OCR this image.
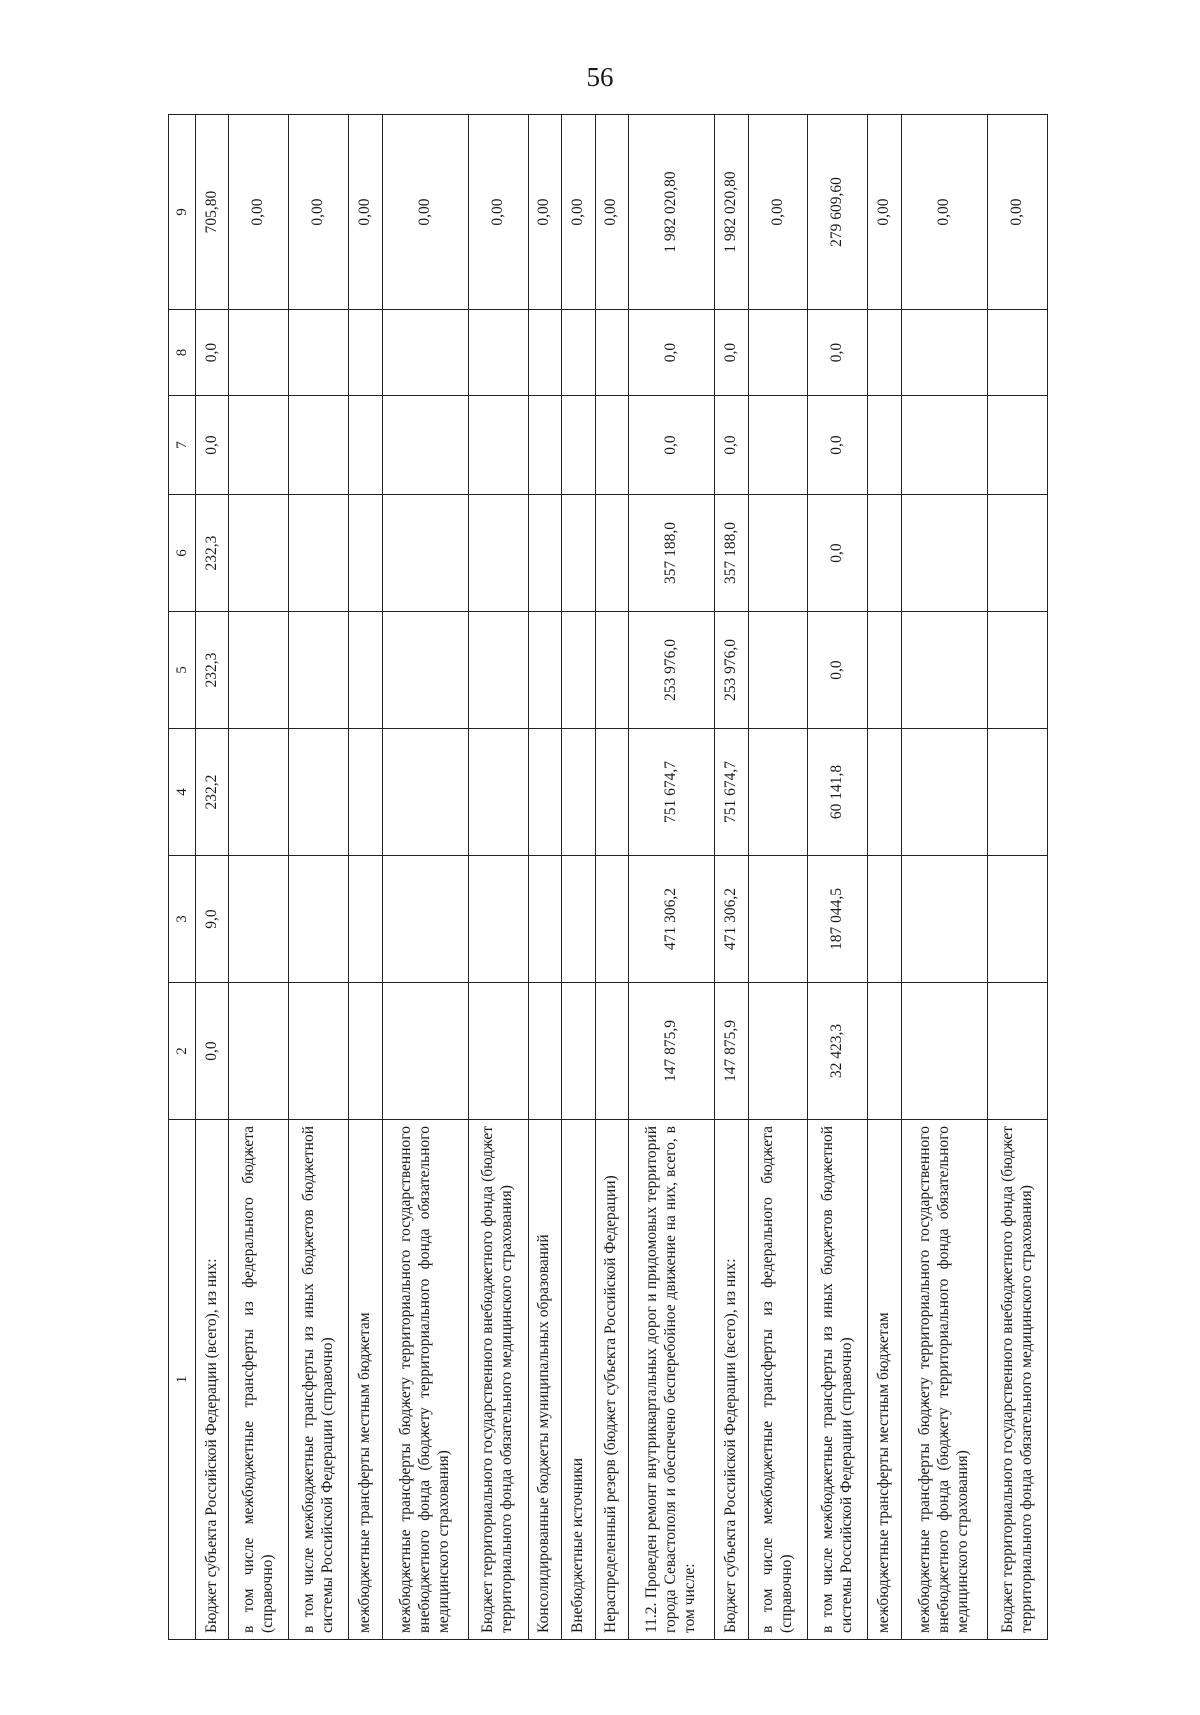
56
1	2	3	4	5	6	7	8	9
Бюджет субъекта Российской Федерации (всего), из них:	0,0	9,0	232,2	232,3	232,3	0,0	0,0	705,80
в том числе межбюджетные трансферты из федерального бюджета (справочно)								0,00
в том числе межбюджетные трансферты из иных бюджетов бюджетной системы Российской Федерации (справочно)								0,00
межбюджетные трансферты местным бюджетам								0,00
межбюджетные трансферты бюджету территориального государственного внебюджетного фонда (бюджету территориального фонда обязательного медицинского страхования)								0,00
Бюджет территориального государственного внебюджетного фонда (бюджет территориального фонда обязательного медицинского страхования)								0,00
Консолидированные бюджеты муниципальных образований								0,00
Внебюджетные источники								0,00
Нераспределенный резерв (бюджет субъекта Российской Федерации)								0,00
11.2. Проведен ремонт внутриквартальных дорог и придомовых территорий города Севастополя и обеспечено бесперебойное движение на них, всего, в том числе:	147 875,9	471 306,2	751 674,7	253 976,0	357 188,0	0,0	0,0	1 982 020,80
Бюджет субъекта Российской Федерации (всего), из них:	147 875,9	471 306,2	751 674,7	253 976,0	357 188,0	0,0	0,0	1 982 020,80
в том числе межбюджетные трансферты из федерального бюджета (справочно)								0,00
в том числе межбюджетные трансферты из иных бюджетов бюджетной системы Российской Федерации (справочно)	32 423,3	187 044,5	60 141,8	0,0	0,0	0,0	0,0	279 609,60
межбюджетные трансферты местным бюджетам								0,00
межбюджетные трансферты бюджету территориального государственного внебюджетного фонда (бюджету территориального фонда обязательного медицинского страхования)								0,00
Бюджет территориального государственного внебюджетного фонда (бюджет территориального фонда обязательного медицинского страхования)								0,00
